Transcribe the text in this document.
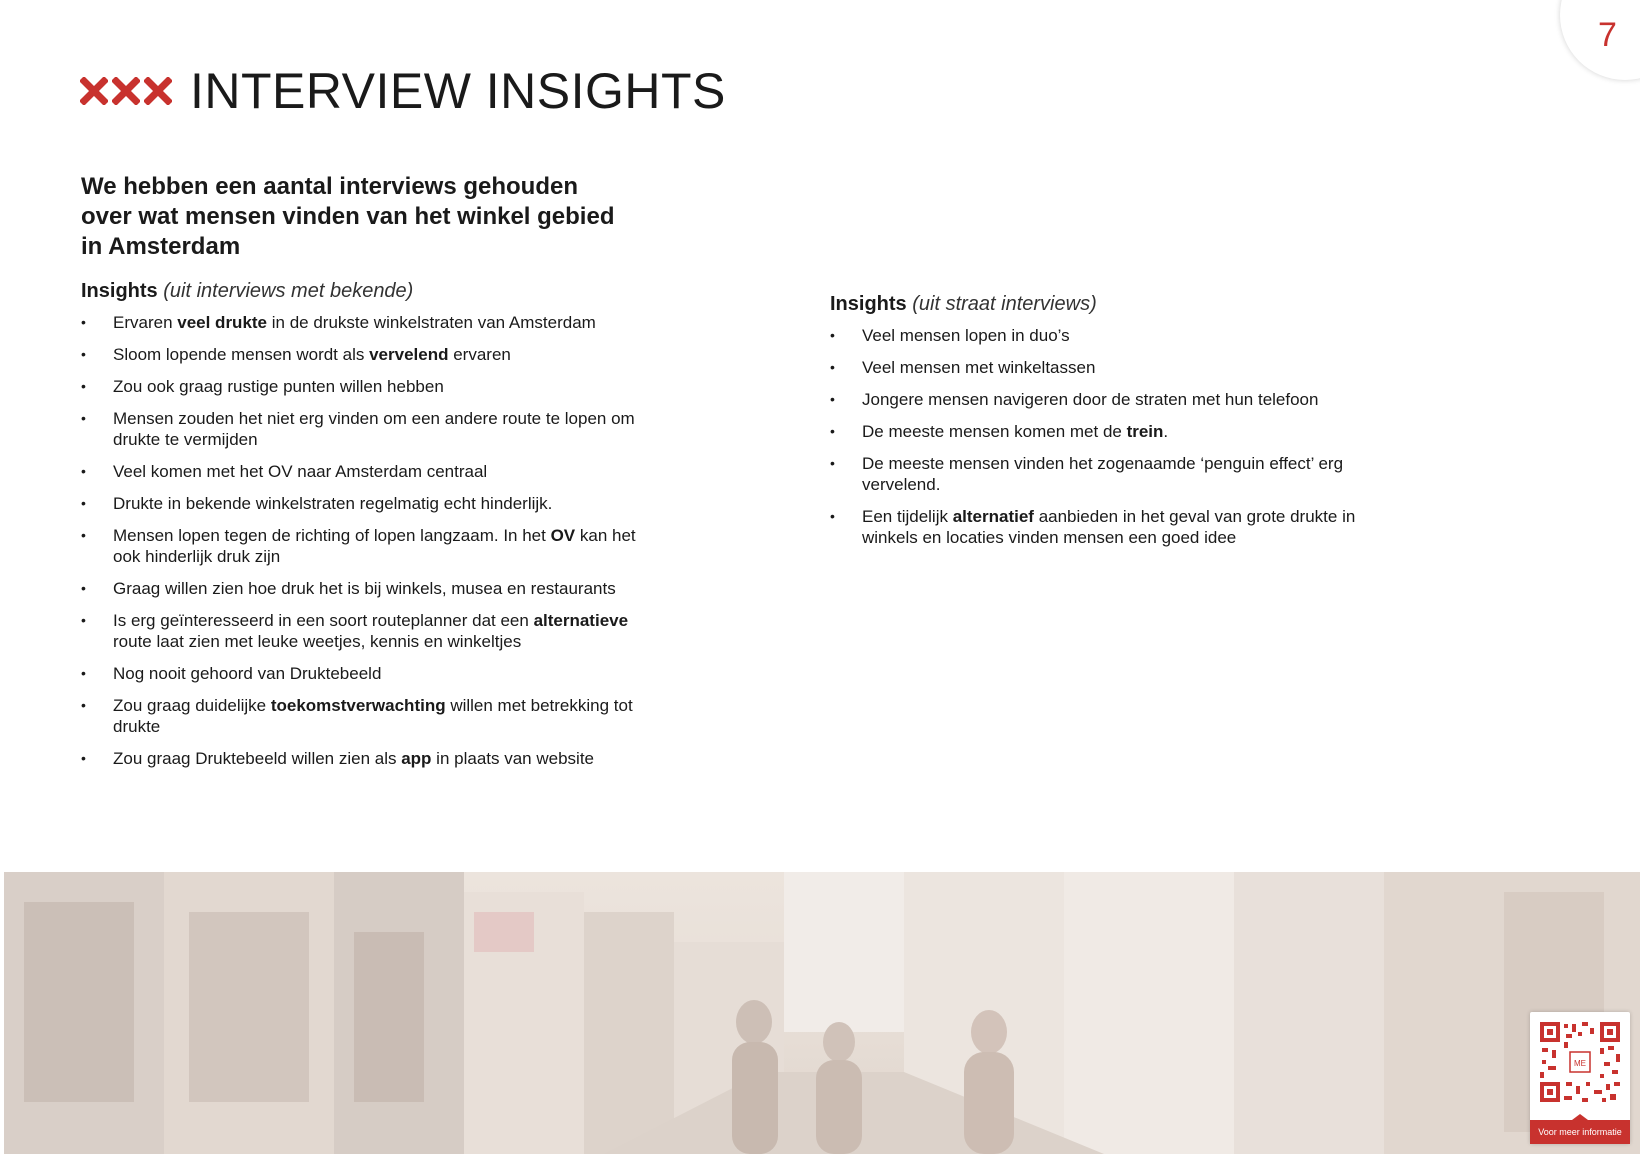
7
INTERVIEW INSIGHTS

We hebben een aantal interviews gehouden over wat mensen vinden van het winkel gebied in Amsterdam

Insights (uit interviews met bekende)

• Ervaren veel drukte in de drukste winkelstraten van Amsterdam
• Sloom lopende mensen wordt als vervelend ervaren
• Zou ook graag rustige punten willen hebben
• Mensen zouden het niet erg vinden om een andere route te lopen om drukte te vermijden
• Veel komen met het OV naar Amsterdam centraal
• Drukte in bekende winkelstraten regelmatig echt hinderlijk.
• Mensen lopen tegen de richting of lopen langzaam. In het OV kan het ook hinderlijk druk zijn
• Graag willen zien hoe druk het is bij winkels, musea en restaurants
• Is erg geïnteresseerd in een soort routeplanner dat een alternatieve route laat zien met leuke weetjes, kennis en winkeltjes
• Nog nooit gehoord van Druktebeeld
• Zou graag duidelijke toekomstverwachting willen met betrekking tot drukte
• Zou graag Druktebeeld willen zien als app in plaats van website

Insights (uit straat interviews)

• Veel mensen lopen in duo’s
• Veel mensen met winkeltassen
• Jongere mensen navigeren door de straten met hun telefoon
• De meeste mensen komen met de trein.
• De meeste mensen vinden het zogenaamde ‘penguin effect’ erg vervelend.
• Een tijdelijk alternatief aanbieden in het geval van grote drukte in winkels en locaties vinden mensen een goed idee
ME
Voor meer informatie
